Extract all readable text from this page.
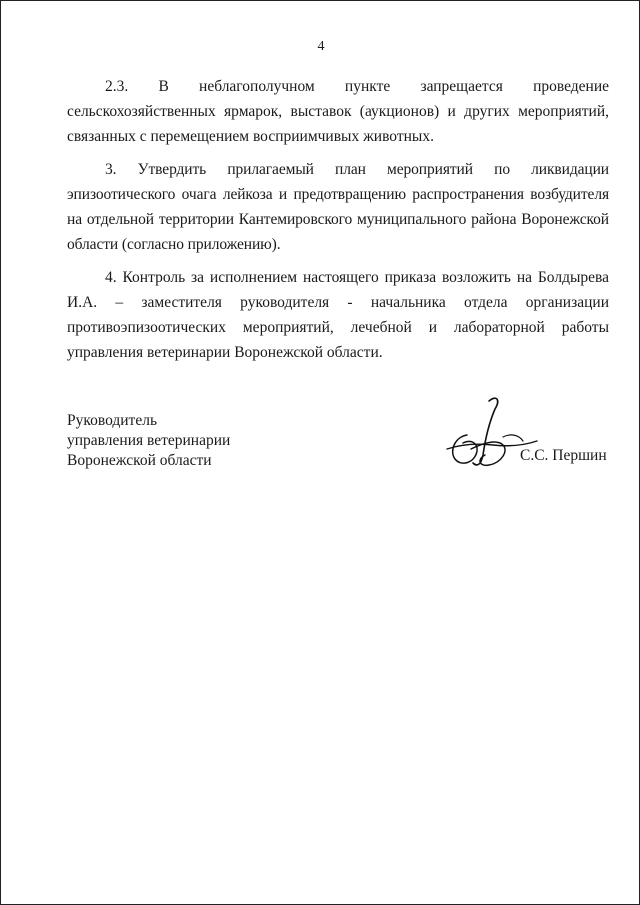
4

2.3. В неблагополучном пункте запрещается проведение сельскохозяйственных ярмарок, выставок (аукционов) и других мероприятий, связанных с перемещением восприимчивых животных.

3. Утвердить прилагаемый план мероприятий по ликвидации эпизоотического очага лейкоза и предотвращению распространения возбудителя на отдельной территории Кантемировского муниципального района Воронежской области (согласно приложению).

4. Контроль за исполнением настоящего приказа возложить на Болдырева И.А. – заместителя руководителя - начальника отдела организации противоэпизоотических мероприятий, лечебной и лабораторной работы управления ветеринарии Воронежской области.

Руководитель
управления ветеринарии
Воронежской области	С.С. Першин
